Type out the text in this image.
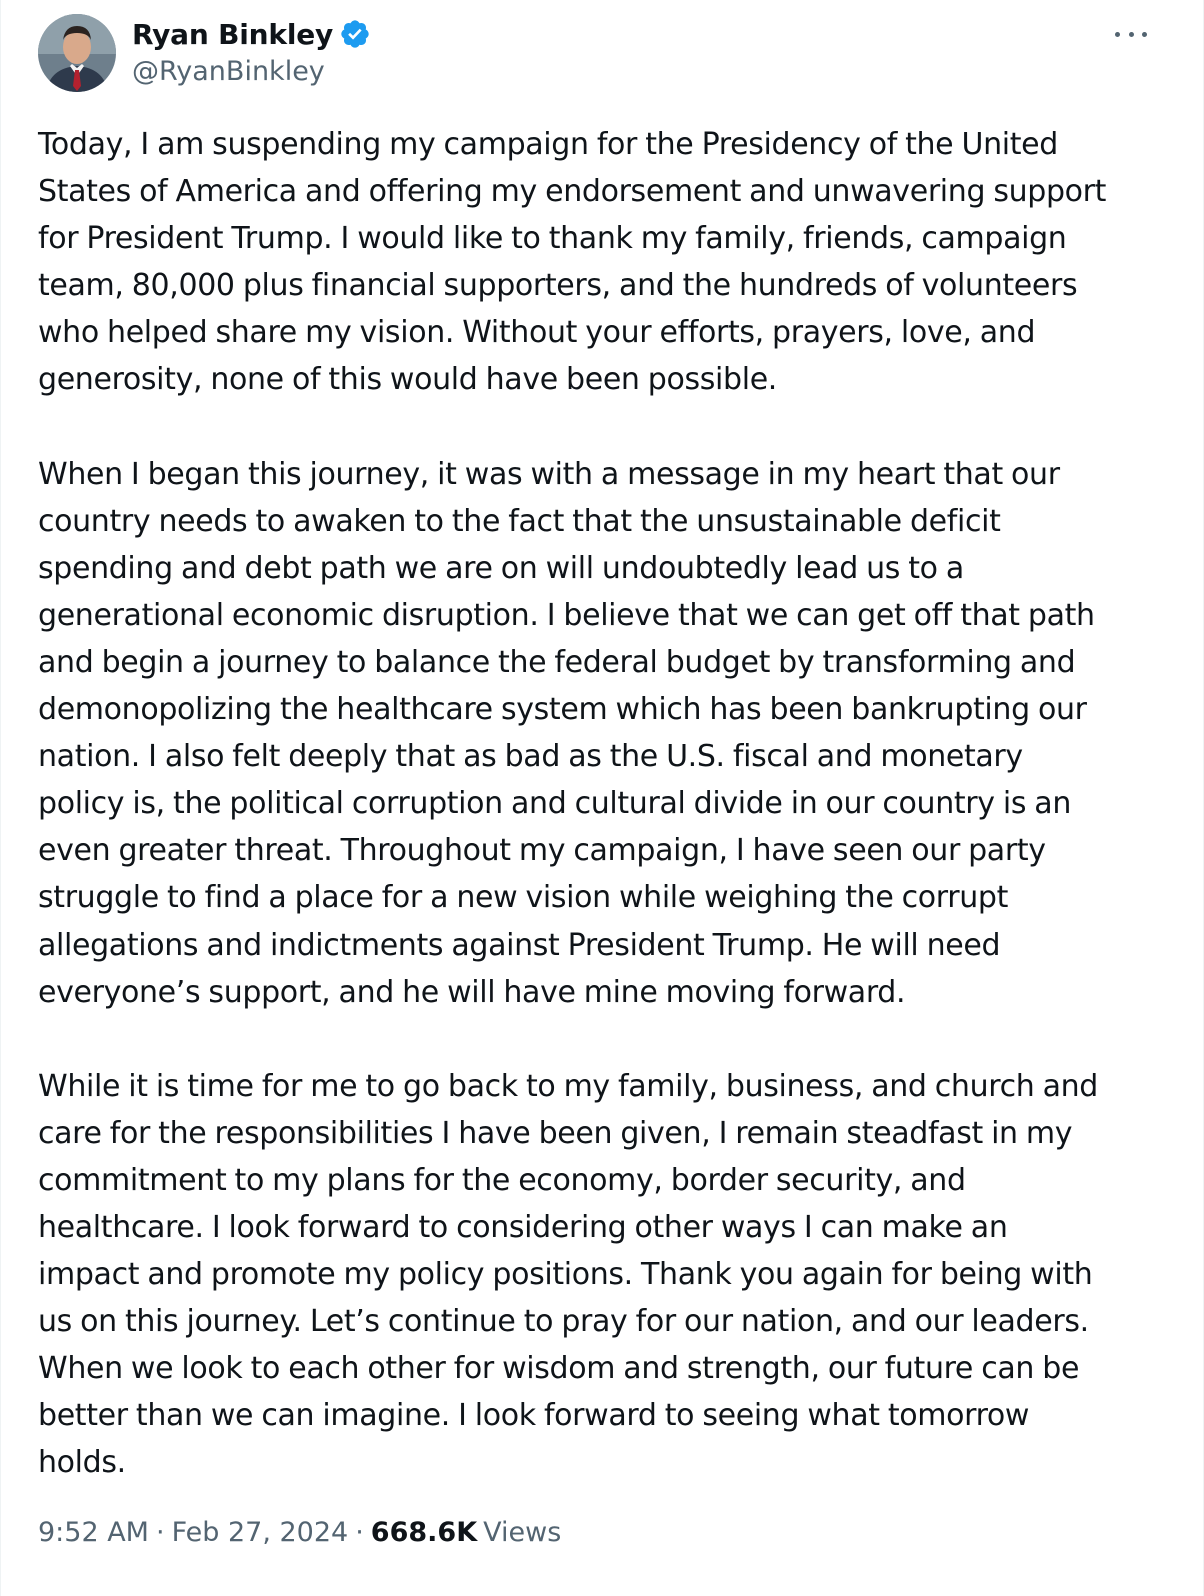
Ryan Binkley
@RyanBinkley

Today, I am suspending my campaign for the Presidency of the United
States of America and offering my endorsement and unwavering support
for President Trump. I would like to thank my family, friends, campaign
team, 80,000 plus financial supporters, and the hundreds of volunteers
who helped share my vision. Without your efforts, prayers, love, and
generosity, none of this would have been possible.

When I began this journey, it was with a message in my heart that our
country needs to awaken to the fact that the unsustainable deficit
spending and debt path we are on will undoubtedly lead us to a
generational economic disruption. I believe that we can get off that path
and begin a journey to balance the federal budget by transforming and
demonopolizing the healthcare system which has been bankrupting our
nation. I also felt deeply that as bad as the U.S. fiscal and monetary
policy is, the political corruption and cultural divide in our country is an
even greater threat. Throughout my campaign, I have seen our party
struggle to find a place for a new vision while weighing the corrupt
allegations and indictments against President Trump. He will need
everyone’s support, and he will have mine moving forward.

While it is time for me to go back to my family, business, and church and
care for the responsibilities I have been given, I remain steadfast in my
commitment to my plans for the economy, border security, and
healthcare. I look forward to considering other ways I can make an
impact and promote my policy positions. Thank you again for being with
us on this journey. Let’s continue to pray for our nation, and our leaders.
When we look to each other for wisdom and strength, our future can be
better than we can imagine. I look forward to seeing what tomorrow
holds.

9:52 AM · Feb 27, 2024 · 668.6K Views
